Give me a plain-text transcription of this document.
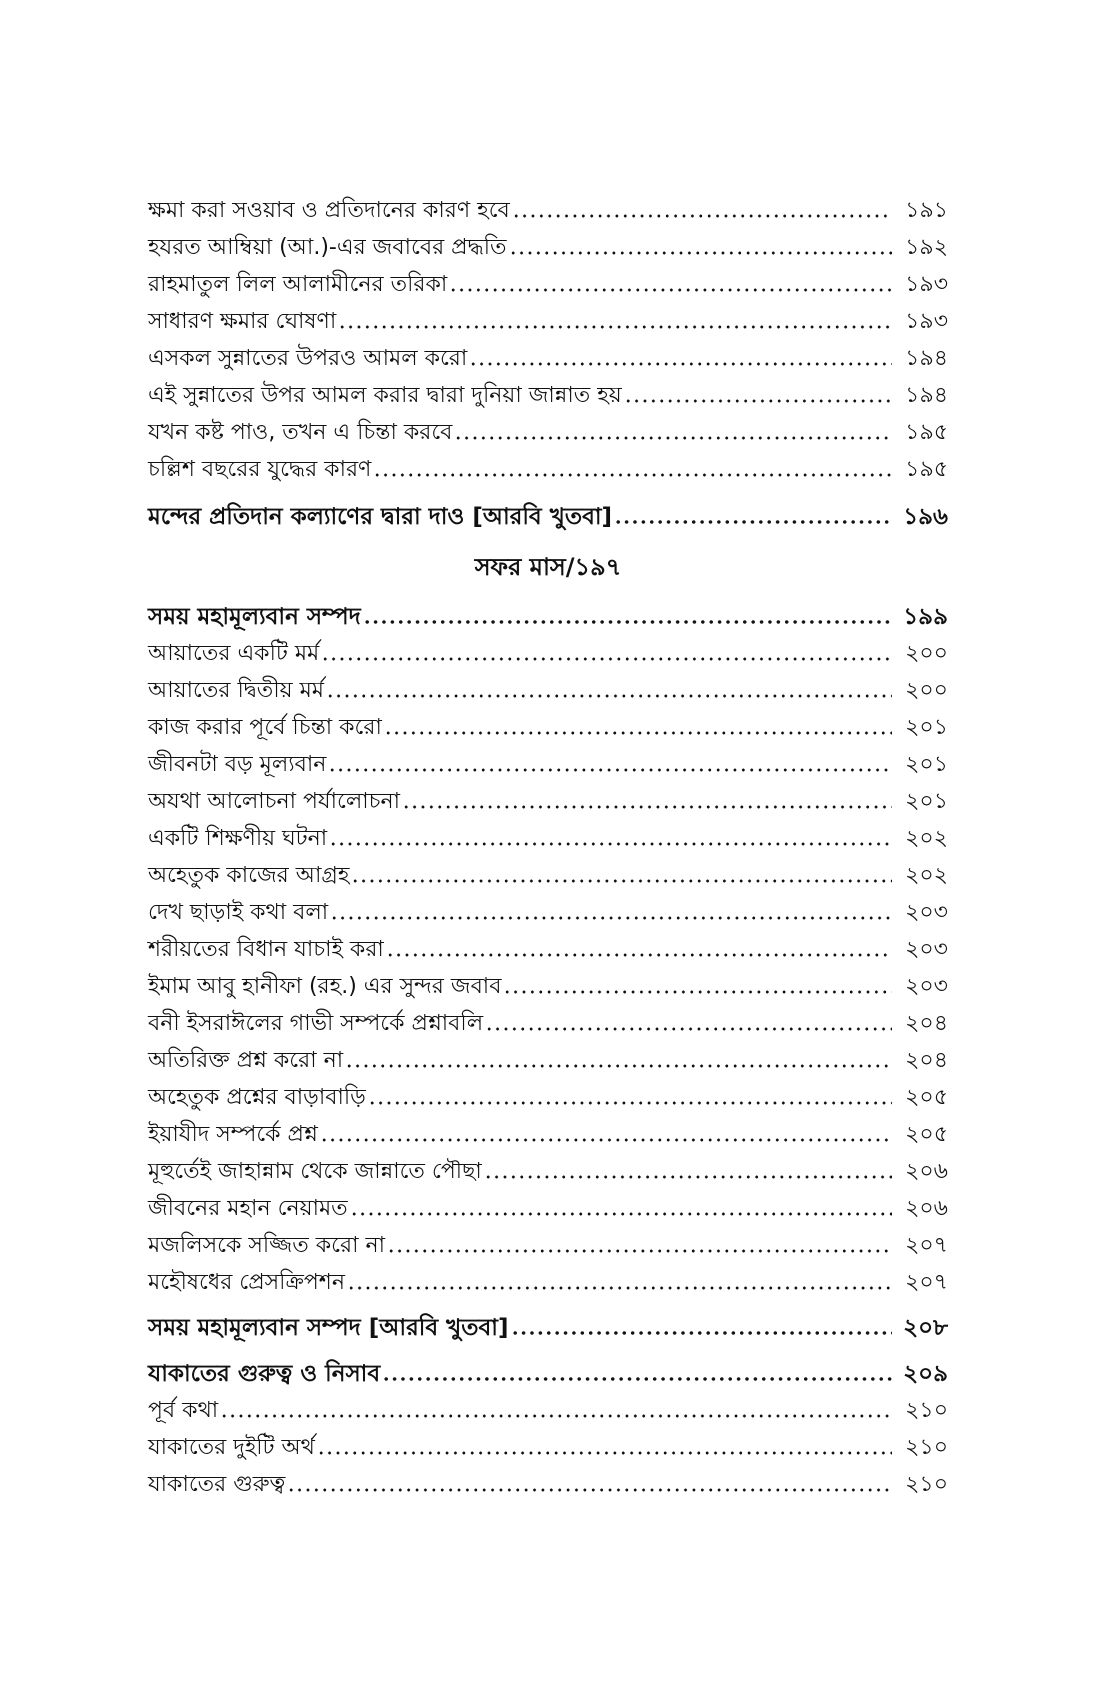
ক্ষমা করা সওয়াব ও প্রতিদানের কারণ হবে	১৯১
হযরত আম্বিয়া (আ.)-এর জবাবের প্রদ্ধতি	১৯২
রাহমাতুল লিল আলামীনের তরিকা	১৯৩
সাধারণ ক্ষমার ঘোষণা	১৯৩
এসকল সুন্নাতের উপরও আমল করো	১৯৪
এই সুন্নাতের উপর আমল করার দ্বারা দুনিয়া জান্নাত হয়	১৯৪
যখন কষ্ট পাও, তখন এ চিন্তা করবে	১৯৫
চল্লিশ বছরের যুদ্ধের কারণ	১৯৫
মন্দের প্রতিদান কল্যাণের দ্বারা দাও [আরবি খুতবা]	১৯৬
সফর মাস/১৯৭
সময় মহামূল্যবান সম্পদ	১৯৯
আয়াতের একটি মর্ম	২০০
আয়াতের দ্বিতীয় মর্ম	২০০
কাজ করার পূর্বে চিন্তা করো	২০১
জীবনটা বড় মূল্যবান	২০১
অযথা আলোচনা পর্যালোচনা	২০১
একটি শিক্ষণীয় ঘটনা	২০২
অহেতুক কাজের আগ্রহ	২০২
দেখ ছাড়াই কথা বলা	২০৩
শরীয়তের বিধান যাচাই করা	২০৩
ইমাম আবু হানীফা (রহ.) এর সুন্দর জবাব	২০৩
বনী ইসরাঈলের গাভী সম্পর্কে প্রশ্নাবলি	২০৪
অতিরিক্ত প্রশ্ন করো না	২০৪
অহেতুক প্রশ্নের বাড়াবাড়ি	২০৫
ইয়াযীদ সম্পর্কে প্রশ্ন	২০৫
মূহুর্তেই জাহান্নাম থেকে জান্নাতে পৌছা	২০৬
জীবনের মহান নেয়ামত	২০৬
মজলিসকে সজ্জিত করো না	২০৭
মহৌষধের প্রেসক্রিপশন	২০৭
সময় মহামূল্যবান সম্পদ [আরবি খুতবা]	২০৮
যাকাতের গুরুত্ব ও নিসাব	২০৯
পূর্ব কথা	২১০
যাকাতের দুইটি অর্থ	২১০
যাকাতের গুরুত্ব	২১০
